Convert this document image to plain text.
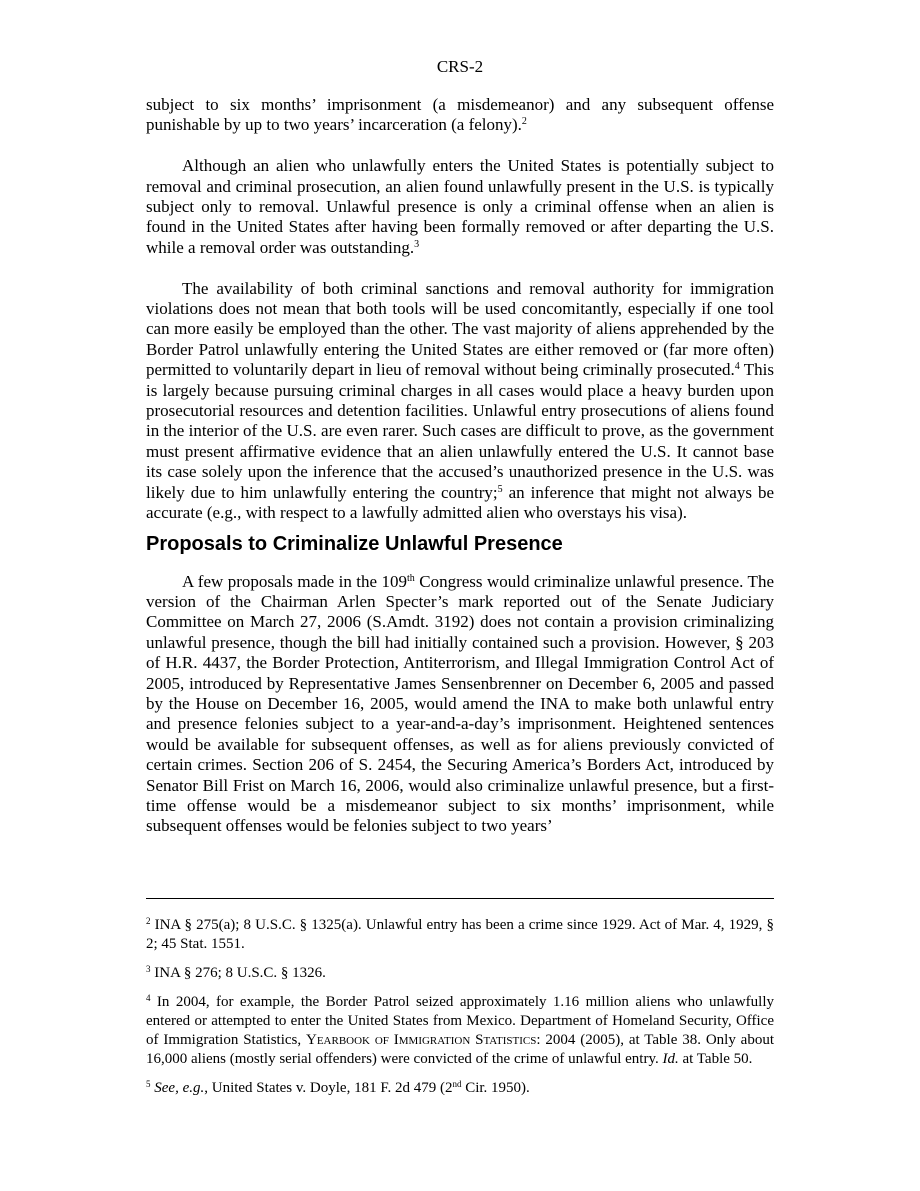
CRS-2

subject to six months’ imprisonment (a misdemeanor) and any subsequent offense punishable by up to two years’ incarceration (a felony).$^2$

Although an alien who unlawfully enters the United States is potentially subject to removal and criminal prosecution, an alien found unlawfully present in the U.S. is typically subject only to removal. Unlawful presence is only a criminal offense when an alien is found in the United States after having been formally removed or after departing the U.S. while a removal order was outstanding.$^3$

The availability of both criminal sanctions and removal authority for immigration violations does not mean that both tools will be used concomitantly, especially if one tool can more easily be employed than the other. The vast majority of aliens apprehended by the Border Patrol unlawfully entering the United States are either removed or (far more often) permitted to voluntarily depart in lieu of removal without being criminally prosecuted.$^4$ This is largely because pursuing criminal charges in all cases would place a heavy burden upon prosecutorial resources and detention facilities. Unlawful entry prosecutions of aliens found in the interior of the U.S. are even rarer. Such cases are difficult to prove, as the government must present affirmative evidence that an alien unlawfully entered the U.S. It cannot base its case solely upon the inference that the accused’s unauthorized presence in the U.S. was likely due to him unlawfully entering the country;$^5$ an inference that might not always be accurate (e.g., with respect to a lawfully admitted alien who overstays his visa).

Proposals to Criminalize Unlawful Presence

A few proposals made in the 109th Congress would criminalize unlawful presence. The version of the Chairman Arlen Specter’s mark reported out of the Senate Judiciary Committee on March 27, 2006 (S.Amdt. 3192) does not contain a provision criminalizing unlawful presence, though the bill had initially contained such a provision. However, § 203 of H.R. 4437, the Border Protection, Antiterrorism, and Illegal Immigration Control Act of 2005, introduced by Representative James Sensenbrenner on December 6, 2005 and passed by the House on December 16, 2005, would amend the INA to make both unlawful entry and presence felonies subject to a year-and-a-day’s imprisonment. Heightened sentences would be available for subsequent offenses, as well as for aliens previously convicted of certain crimes. Section 206 of S. 2454, the Securing America’s Borders Act, introduced by Senator Bill Frist on March 16, 2006, would also criminalize unlawful presence, but a first-time offense would be a misdemeanor subject to six months’ imprisonment, while subsequent offenses would be felonies subject to two years’

$^2$ INA § 275(a); 8 U.S.C. § 1325(a). Unlawful entry has been a crime since 1929. Act of Mar. 4, 1929, § 2; 45 Stat. 1551.

$^3$ INA § 276; 8 U.S.C. § 1326.

$^4$ In 2004, for example, the Border Patrol seized approximately 1.16 million aliens who unlawfully entered or attempted to enter the United States from Mexico. Department of Homeland Security, Office of Immigration Statistics, Yearbook of Immigration Statistics: 2004 (2005), at Table 38. Only about 16,000 aliens (mostly serial offenders) were convicted of the crime of unlawful entry. Id. at Table 50.

$^5$ See, e.g., United States v. Doyle, 181 F. 2d 479 (2nd Cir. 1950).
